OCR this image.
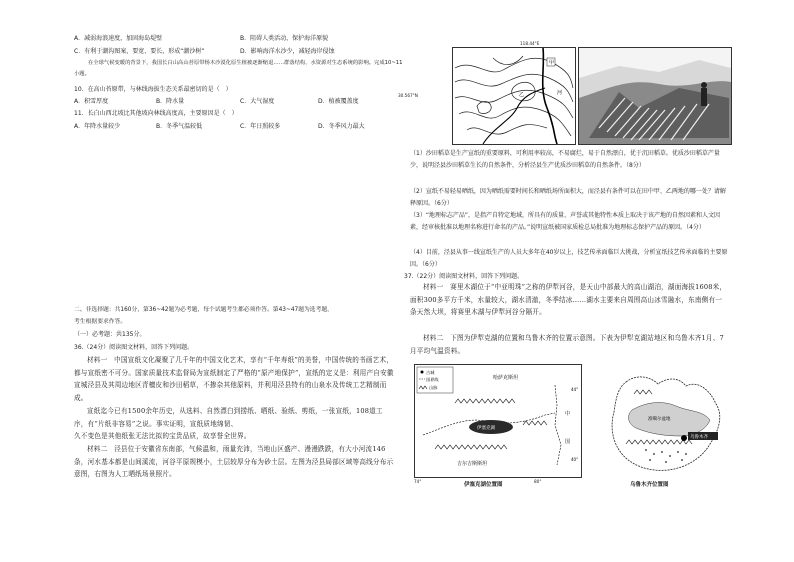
A．减弱海浪速度，加固海岛堤壁	B．阻碍人类活动，保护海洋原貌
C．有利于潮沟图案，要宽、要长，形成“潮沙树”	D．影响海洋水沙少，减轻海岸侵蚀
在全球气候变暖的背景下，我国长白山高山苔原带杨木沙漠化原生植被逐渐缩退……群落结构、水资源对生态系统的影响。完成10~11小题。
10．在高山苔原带，与林线海拔生态关系最密切的是（　）
A．积雪厚度	B．降水量	C．大气湿度	D．植被覆盖度
11．长白山西北坡比其他坡向林线高度高，主要原因是（　）
A．年降水量较少	B．冬季气温较低	C．年日照较多	D．冬季风力最大
二、非选择题：共160分，第36~42题为必考题，每个试题考生都必须作答。第43~47题为选考题，
考生根据要求作答。
（一）必考题：共135分。
36.（24分）阅读图文材料，回答下列问题。
材料一　中国宣纸文化凝聚了几千年的中国文化艺术，享有“千年寿纸”的美誉，中国传统的书画艺术，都与宣纸密不可分。国家质量技术监督局为宣纸制定了严格的“原产地保护”，宣纸的定义是：利用产自安徽宣城泾县及其周边地区青檀皮和沙田稻草，不掺杂其他原料，并利用泾县特有的山泉水及传统工艺精制而成。
宣纸迄今已有1500余年历史，从选料、自然漂白到捞纸、晒纸、验纸、剪纸，一张宣纸，108道工序，有“片纸非容易”之说。事实证明，宣纸质地绵韧、
久不变色是其他纸张无法比拟的宝贵品质，故享誉全世界。
材料二　泾县位于安徽省东南部，气候温和，雨量充沛，当地山区盛产、漫漫跌跌，有大小河流146条，河水基本都是山间溪流，河谷平原规模小，土层较厚分布为砂土层。左图为泾县局部区域等高线分布示意图，右图为人工晒纸场景照片。
118.44°E
30.567°N
甲
乙	河
（1）沙田稻草是生产宣纸的重要原料，可利用率较高，不易腐烂，易于自然漂白，优于沉田稻草。优质沙田稻草产量少，说明泾县沙田稻草生长的自然条件，分析泾县生产优质沙田稻草的自然条件。（8分）
（2）宣纸不易轻易晒纸，因为晒纸需要时间长和晒纸场所面积大，而泾县有条件可以在田中甲、乙两地的哪一处？请解释原因。（6分）
（3）“地理标志产品”，是指产自特定地域，所具有的质量、声誉或其他特性本质上取决于该产地的自然因素和人文因素，经审核批准以地理名称进行命名的产品。”说明宣纸被国家质检总局批准为地理标志保护产品的原因。（4分）
（4）目前，泾县从事一线宣纸生产的人员大多年在40岁以上，技艺传承面临巨大挑战，分析宣纸技艺传承面临的主要原因。（6分）
37.（22分）阅读图文材料，回答下列问题。
材料一　赛里木湖位于“中亚明珠”之称的伊犁河谷，是天山中部最大的高山湖泊，湖面海拔1608米，面积300多平方千米，水量较大，湖水清澈，冬季结冰……湖水主要来自周围高山冰雪融水，东南侧有一条天然大坝，将赛里木湖与伊犁河谷分隔开。
材料二　下图为伊犁克湖的位置和乌鲁木齐的位置示意图。下表为伊犁克湖站地区和乌鲁木齐1月、7月平均气温资料。
古城
国界线
山脉
伊塞克湖
哈萨克斯坦
吉尔吉斯斯坦
中
国
44°
40°
74°	80°
伊塞克湖位置图
乌鲁木齐
准噶尔盆地
乌鲁木齐位置图
